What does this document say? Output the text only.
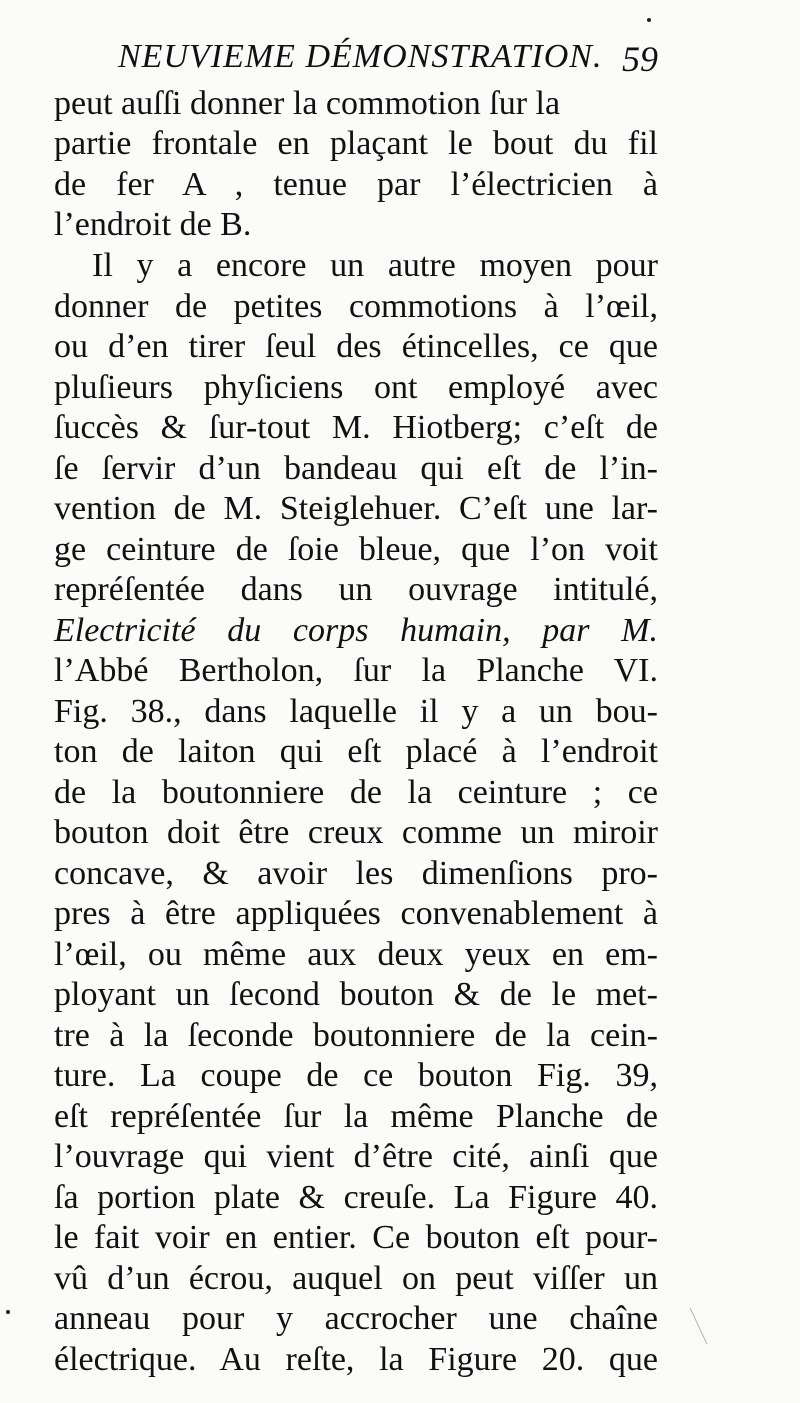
NEUVIEME DÉMONSTRATION. 59
peut auſſi donner la commotion ſur la
partie frontale en plaçant le bout du fil
de fer A , tenue par l’électricien à
l’endroit de B.
Il y a encore un autre moyen pour
donner de petites commotions à l’œil,
ou d’en tirer ſeul des étincelles, ce que
pluſieurs phyſiciens ont employé avec
ſuccès & ſur-tout M. Hiotberg; c’eſt de
ſe ſervir d’un bandeau qui eſt de l’in-
vention de M. Steiglehuer. C’eſt une lar-
ge ceinture de ſoie bleue, que l’on voit
repréſentée dans un ouvrage intitulé,
Electricité du corps humain, par M.
l’Abbé Bertholon, ſur la Planche VI.
Fig. 38., dans laquelle il y a un bou-
ton de laiton qui eſt placé à l’endroit
de la boutonniere de la ceinture ; ce
bouton doit être creux comme un miroir
concave, & avoir les dimenſions pro-
pres à être appliquées convenablement à
l’œil, ou même aux deux yeux en em-
ployant un ſecond bouton & de le met-
tre à la ſeconde boutonniere de la cein-
ture. La coupe de ce bouton Fig. 39,
eſt repréſentée ſur la même Planche de
l’ouvrage qui vient d’être cité, ainſi que
ſa portion plate & creuſe. La Figure 40.
le fait voir en entier. Ce bouton eſt pour-
vû d’un écrou, auquel on peut viſſer un
anneau pour y accrocher une chaîne
électrique. Au reſte, la Figure 20. que
